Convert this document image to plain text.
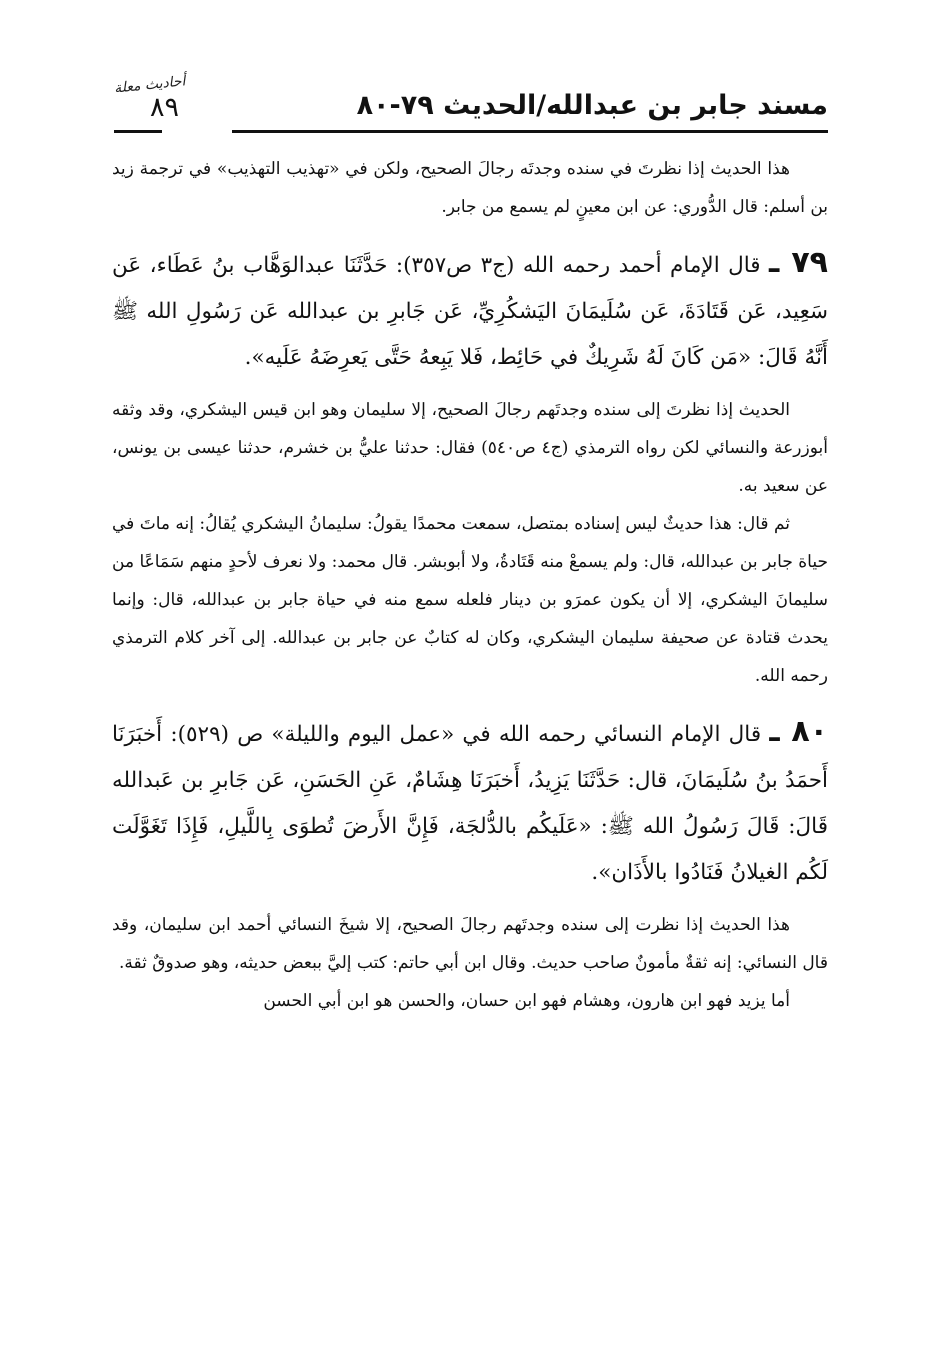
مسند جابر بن عبدالله/الحديث ٧٩-٨٠
٨٩
أحاديث معلة

هذا الحديث إذا نظرتَ في سنده وجدتَه رجالَ الصحيح، ولكن في «تهذيب التهذيب» في ترجمة زيد بن أسلم: قال الدُّوري: عن ابن معينٍ لم يسمع من جابر.

٧٩ ـ قال الإمام أحمد رحمه الله (ج٣ ص٣٥٧): حَدَّثَنَا عبدالوَهَّاب بنُ عَطَاء، عَن سَعِيد، عَن قَتَادَةَ، عَن سُلَيمَانَ اليَشكُرِيِّ، عَن جَابرِ بن عبدالله عَن رَسُولِ الله ﷺ أَنَّهُ قَالَ: «مَن كَانَ لَهُ شَرِيكٌ في حَائِط، فَلا يَبِعهُ حَتَّى يَعرِضَهُ عَلَيه».

الحديث إذا نظرتَ إلى سنده وجدتَهم رجالَ الصحيح، إلا سليمان وهو ابن قيس اليشكري، وقد وثقه أبوزرعة والنسائي لكن رواه الترمذي (ج٤ ص٥٤٠) فقال: حدثنا عليُّ بن خشرم، حدثنا عيسى بن يونس، عن سعيد به.

ثم قال: هذا حديثٌ ليس إسناده بمتصل، سمعت محمدًا يقولُ: سليمانُ اليشكري يُقالُ: إنه ماتَ في حياة جابر بن عبدالله، قال: ولم يسمعْ منه قَتَادةُ، ولا أبوبشر. قال محمد: ولا نعرف لأحدٍ منهم سَمَاعًا من سليمانَ اليشكري، إلا أن يكون عمرَو بن دينار فلعله سمع منه في حياة جابر بن عبدالله، قال: وإنما يحدث قتادة عن صحيفة سليمان اليشكري، وكان له كتابٌ عن جابر بن عبدالله. إلى آخر كلام الترمذي رحمه الله.

٨٠ ـ قال الإمام النسائي رحمه الله في «عمل اليوم والليلة» ص (٥٢٩): أَخبَرَنَا أَحمَدُ بنُ سُلَيمَانَ، قال: حَدَّثَنَا يَزِيدُ، أَخبَرَنَا هِشَامٌ، عَنِ الحَسَنِ، عَن جَابرِ بن عَبدالله قَالَ: قَالَ رَسُولُ الله ﷺ: «عَلَيكُم بالدُّلجَة، فَإِنَّ الأَرضَ تُطوَى بِاللَّيلِ، فَإِذَا تَغَوَّلَت لَكُم الغيلانُ فَنَادُوا بالأَذَان».

هذا الحديث إذا نظرت إلى سنده وجدتَهم رجالَ الصحيح، إلا شيخَ النسائي أحمد ابن سليمان، وقد قال النسائي: إنه ثقةٌ مأمونٌ صاحب حديث. وقال ابن أبي حاتم: كتب إليَّ ببعض حديثه، وهو صدوقٌ ثقة.

أما يزيد فهو ابن هارون، وهشام فهو ابن حسان، والحسن هو ابن أبي الحسن
